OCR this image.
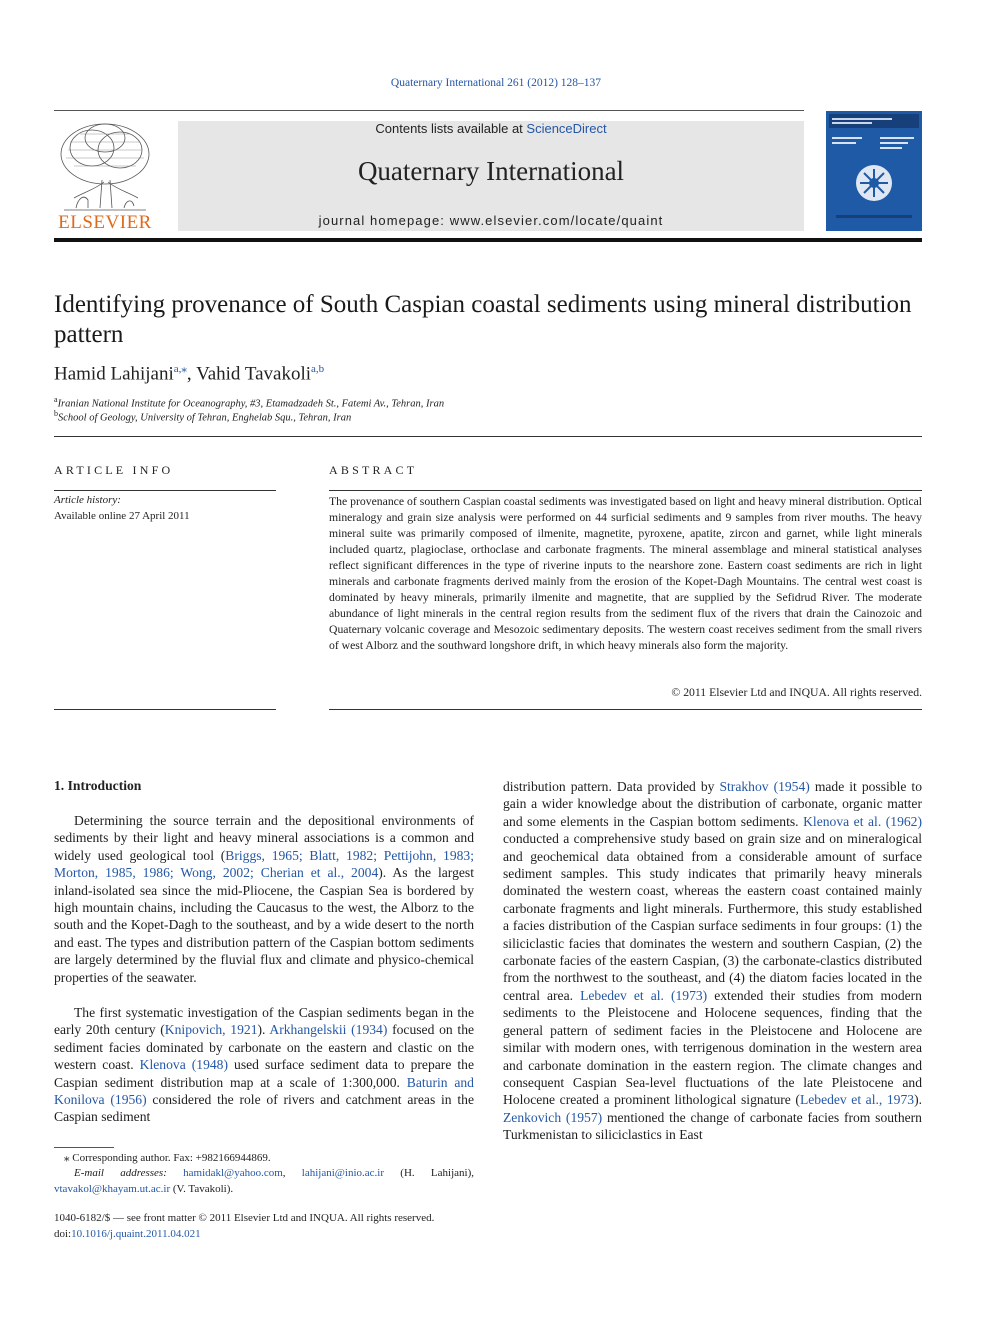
Quaternary International 261 (2012) 128–137
ELSEVIER
Contents lists available at ScienceDirect
Quaternary International
journal homepage: www.elsevier.com/locate/quaint
Identifying provenance of South Caspian coastal sediments using mineral distribution pattern
Hamid Lahijani$^{a,⁎}$, Vahid Tavakoli$^{a,b}$
$^a$Iranian National Institute for Oceanography, #3, Etamadzadeh St., Fatemi Av., Tehran, Iran
$^b$School of Geology, University of Tehran, Enghelab Squ., Tehran, Iran
ARTICLE INFO	ABSTRACT
Article history:
Available online 27 April 2011
The provenance of southern Caspian coastal sediments was investigated based on light and heavy mineral distribution. Optical mineralogy and grain size analysis were performed on 44 surficial sediments and 9 samples from river mouths. The heavy mineral suite was primarily composed of ilmenite, magnetite, pyroxene, apatite, zircon and garnet, while light minerals included quartz, plagioclase, orthoclase and carbonate fragments. The mineral assemblage and mineral statistical analyses reflect significant differences in the type of riverine inputs to the nearshore zone. Eastern coast sediments are rich in light minerals and carbonate fragments derived mainly from the erosion of the Kopet-Dagh Mountains. The central west coast is dominated by heavy minerals, primarily ilmenite and magnetite, that are supplied by the Sefidrud River. The moderate abundance of light minerals in the central region results from the sediment flux of the rivers that drain the Cainozoic and Quaternary volcanic coverage and Mesozoic sedimentary deposits. The western coast receives sediment from the small rivers of west Alborz and the southward longshore drift, in which heavy minerals also form the majority.
© 2011 Elsevier Ltd and INQUA. All rights reserved.
1. Introduction
Determining the source terrain and the depositional environments of sediments by their light and heavy mineral associations is a common and widely used geological tool (Briggs, 1965; Blatt, 1982; Pettijohn, 1983; Morton, 1985, 1986; Wong, 2002; Cherian et al., 2004). As the largest inland-isolated sea since the mid-Pliocene, the Caspian Sea is bordered by high mountain chains, including the Caucasus to the west, the Alborz to the south and the Kopet-Dagh to the southeast, and by a wide desert to the north and east. The types and distribution pattern of the Caspian bottom sediments are largely determined by the fluvial flux and climate and physico-chemical properties of the seawater.
The first systematic investigation of the Caspian sediments began in the early 20th century (Knipovich, 1921). Arkhangelskii (1934) focused on the sediment facies dominated by carbonate on the eastern and clastic on the western coast. Klenova (1948) used surface sediment data to prepare the Caspian sediment distribution map at a scale of 1:300,000. Baturin and Konilova (1956) considered the role of rivers and catchment areas in the Caspian sediment
distribution pattern. Data provided by Strakhov (1954) made it possible to gain a wider knowledge about the distribution of carbonate, organic matter and some elements in the Caspian bottom sediments. Klenova et al. (1962) conducted a comprehensive study based on grain size and on mineralogical and geochemical data obtained from a considerable amount of surface sediment samples. This study indicates that primarily heavy minerals dominated the western coast, whereas the eastern coast contained mainly carbonate fragments and light minerals. Furthermore, this study established a facies distribution of the Caspian surface sediments in four groups: (1) the siliciclastic facies that dominates the western and southern Caspian, (2) the carbonate facies of the eastern Caspian, (3) the carbonate-clastics distributed from the northwest to the southeast, and (4) the diatom facies located in the central area. Lebedev et al. (1973) extended their studies from modern sediments to the Pleistocene and Holocene sequences, finding that the general pattern of sediment facies in the Pleistocene and Holocene are similar with modern ones, with terrigenous domination in the western area and carbonate domination in the eastern region. The climate changes and consequent Caspian Sea-level fluctuations of the late Pleistocene and Holocene created a prominent lithological signature (Lebedev et al., 1973). Zenkovich (1957) mentioned the change of carbonate facies from southern Turkmenistan to siliciclastics in East
⁎ Corresponding author. Fax: +982166944869.
E-mail addresses: hamidakl@yahoo.com, lahijani@inio.ac.ir (H. Lahijani), vtavakol@khayam.ut.ac.ir (V. Tavakoli).
1040-6182/$ — see front matter © 2011 Elsevier Ltd and INQUA. All rights reserved.
doi:10.1016/j.quaint.2011.04.021
